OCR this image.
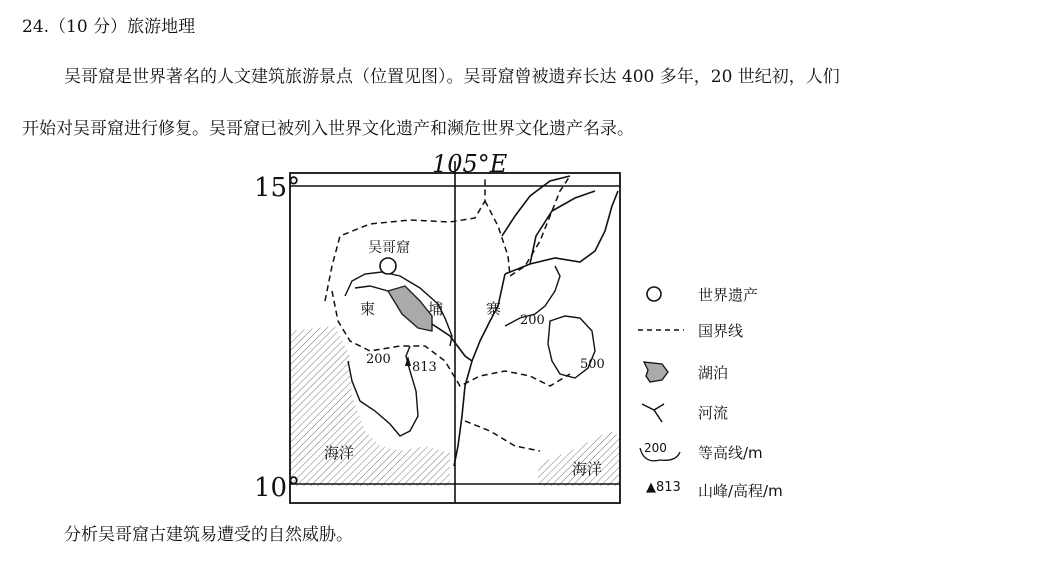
24.（10 分）旅游地理
吴哥窟是世界著名的人文建筑旅游景点（位置见图）。吴哥窟曾被遗弃长达 400 多年，20 世纪初，人们
开始对吴哥窟进行修复。吴哥窟已被列入世界文化遗产和濒危世界文化遗产名录。
105°E
15°
10°
吴哥窟
柬	埔	寨
200
200	500
813
海洋
海洋
世界遗产
国界线
湖泊
河流
200 等高线/m
▲813 山峰/高程/m
分析吴哥窟古建筑易遭受的自然威胁。
